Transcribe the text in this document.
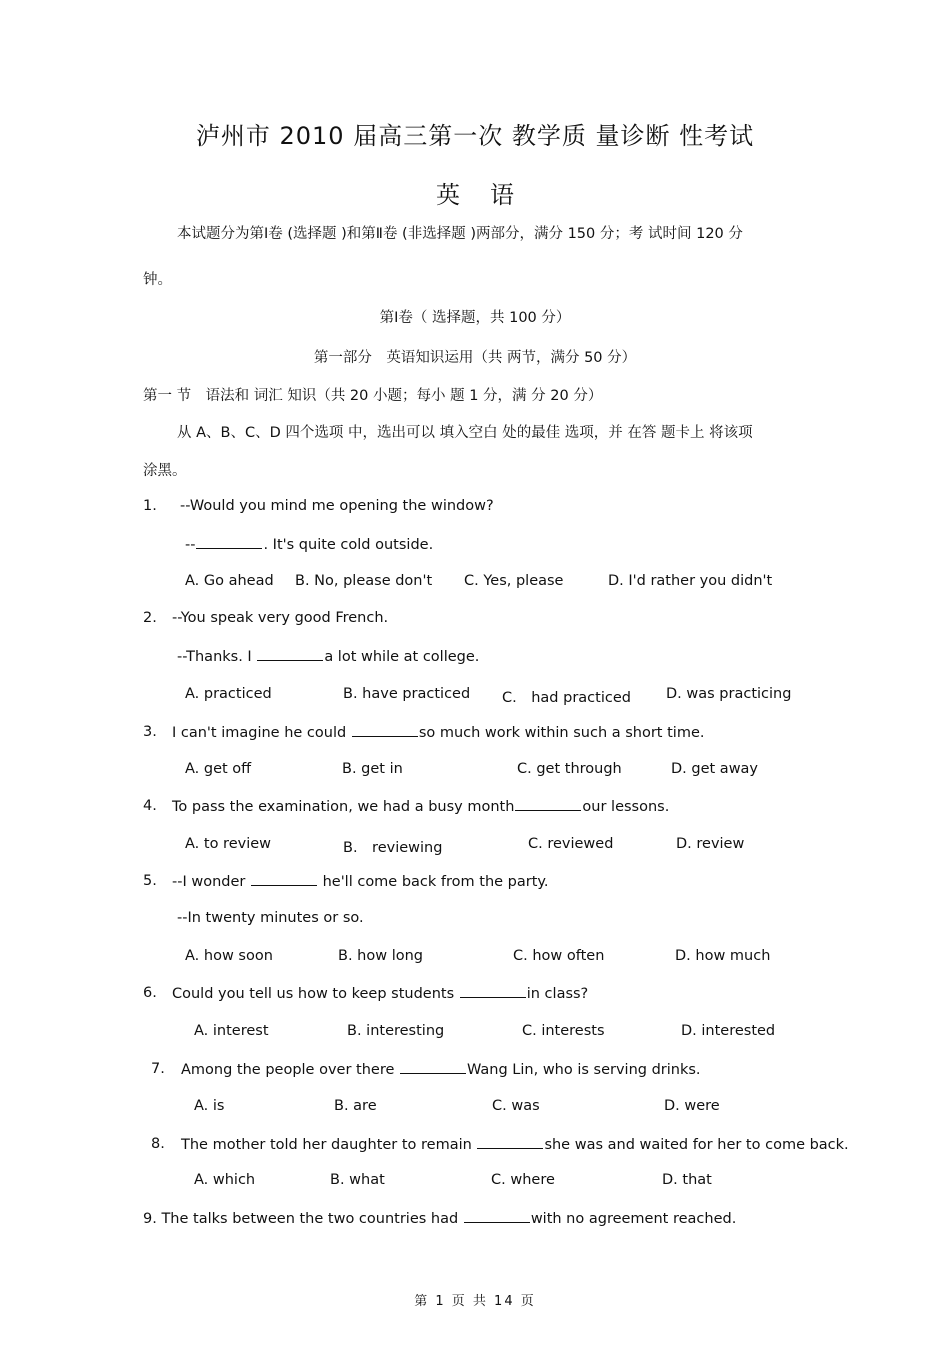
泸州市 2010 届高三第一次 教学质 量诊断 性考试
英语
本试题分为第Ⅰ卷 (选择题 )和第Ⅱ卷 (非选择题 )两部分，满分 150 分；考 试时间 120 分
钟。
第Ⅰ卷（ 选择题，共 100 分）
第一部分　英语知识运用（共 两节，满分 50 分）
第一 节　语法和 词汇 知识（共 20 小题；每小 题 1 分，满 分 20 分）
从 A、B、C、D 四个选项 中，选出可以 填入空白 处的最佳 选项，并 在答 题卡上 将该项
涂黑。
1. --Would you mind me opening the window?
--	. It's quite cold outside.
A. Go ahead B. No, please don't C. Yes, please	D. I'd rather you didn't
2. --You speak very good French.
--Thanks. I	a lot while at college.
A. practiced	B. have practiced C.　had practiced D. was practicing
3. I can't imagine he could	so much work within such a short time.
A. get off	B. get in	C. get through	D. get away
4. To pass the examination, we had a busy month	our lessons.
A. to review	B.　reviewing	C. reviewed	D. review
5. --I wonder	he'll come back from the party.
--In twenty minutes or so.
A. how soon	B. how long	C. how often	D. how much
6. Could you tell us how to keep students	in class?
A. interest	B. interesting	C. interests	D. interested
7. Among the people over there	Wang Lin, who is serving drinks.
A. is	B. are	C. was	D. were
8. The mother told her daughter to remain	she was and waited for her to come back.
A. which	B. what	C. where	D. that
9. The talks between the two countries had	with no agreement reached.
第 1 页 共 14 页
